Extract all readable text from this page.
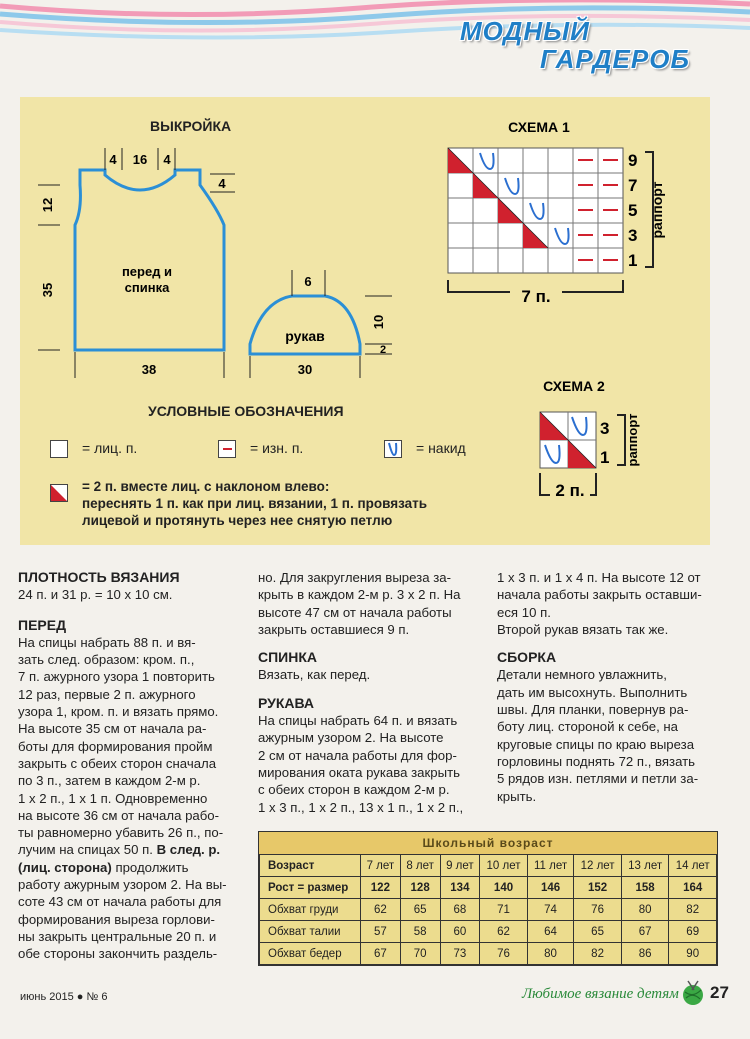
МОДНЫЙ
ГАРДЕРОБ
ВЫКРОЙКА
4 16 4
4
12
35
38
перед и
спинка	6
10
2
30
рукав
СХЕМА 1
9
7
5
3
1
раппорт
7 п.
СХЕМА 2
3
1 раппорт
2 п.
УСЛОВНЫЕ ОБОЗНАЧЕНИЯ
= лиц. п.	= изн. п.	= накид
= 2 п. вместе лиц. с наклоном влево:
переснять 1 п. как при лиц. вязании, 1 п. провязать
лицевой и протянуть через нее снятую петлю
ПЛОТНОСТЬ ВЯЗАНИЯ
24 п. и 31 р. = 10 х 10 см.
ПЕРЕД
На спицы набрать 88 п. и вя-
зать след. образом: кром. п.,
7 п. ажурного узора 1 повторить
12 раз, первые 2 п. ажурного
узора 1, кром. п. и вязать прямо.
На высоте 35 см от начала ра-
боты для формирования пройм
закрыть с обеих сторон сначала
по 3 п., затем в каждом 2-м р.
1 х 2 п., 1 х 1 п. Одновременно
на высоте 36 см от начала рабо-
ты равномерно убавить 26 п., по-
лучим на спицах 50 п. В след. р.
(лиц. сторона) продолжить
работу ажурным узором 2. На вы-
соте 43 см от начала работы для
формирования выреза горлови-
ны закрыть центральные 20 п. и
обе стороны закончить раздель-
но. Для закругления выреза за-
крыть в каждом 2-м р. 3 х 2 п. На
высоте 47 см от начала работы
закрыть оставшиеся 9 п.
СПИНКА
Вязать, как перед.
РУКАВА
На спицы набрать 64 п. и вязать
ажурным узором 2. На высоте
2 см от начала работы для фор-
мирования оката рукава закрыть
с обеих сторон в каждом 2-м р.
1 х 3 п., 1 х 2 п., 13 х 1 п., 1 х 2 п.,
1 х 3 п. и 1 х 4 п. На высоте 12 от
начала работы закрыть оставши-
еся 10 п.
Второй рукав вязать так же.
СБОРКА
Детали немного увлажнить,
дать им высохнуть. Выполнить
швы. Для планки, повернув ра-
боту лиц. стороной к себе, на
круговые спицы по краю выреза
горловины поднять 72 п., вязать
5 рядов изн. петлями и петли за-
крыть.
Школьный возраст
Возраст	7 лет	8 лет	9 лет	10 лет	11 лет	12 лет	13 лет	14 лет
Рост = размер	122	128	134	140	146	152	158	164
Обхват груди	62	65	68	71	74	76	80	82
Обхват талии	57	58	60	62	64	65	67	69
Обхват бедер	67	70	73	76	80	82	86	90
июнь 2015 ● № 6	Любимое вязание детям 27
